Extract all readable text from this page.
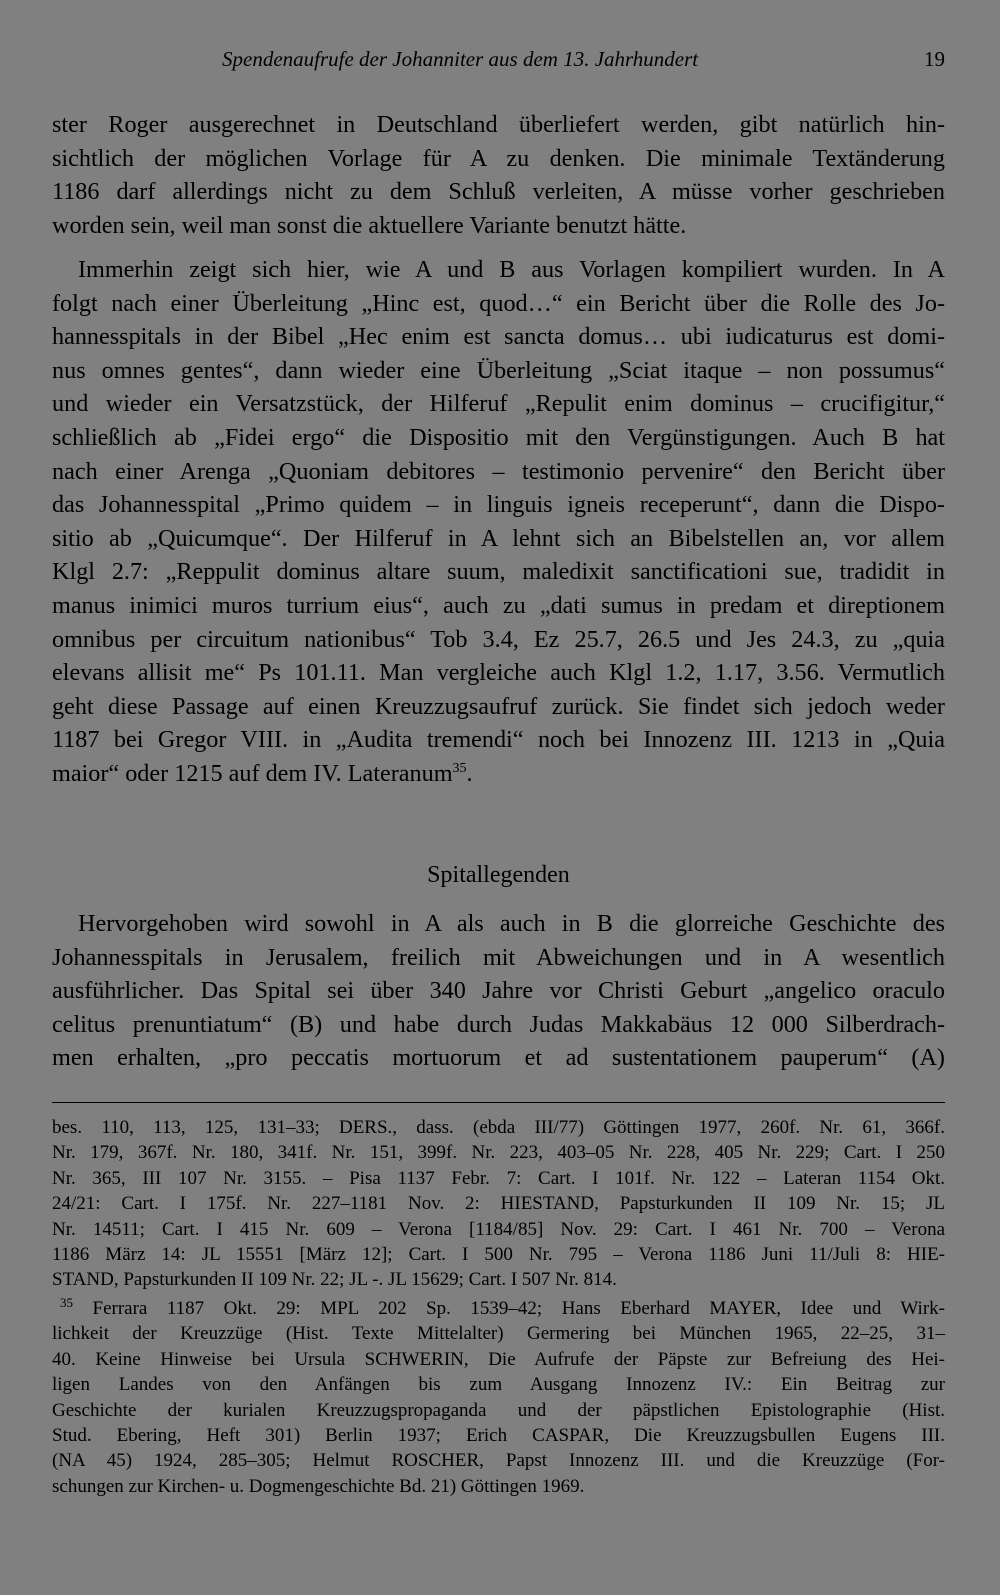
Spendenaufrufe der Johanniter aus dem 13. Jahrhundert	19
ster Roger ausgerechnet in Deutschland überliefert werden, gibt natürlich hin-
sichtlich der möglichen Vorlage für A zu denken. Die minimale Textänderung
1186 darf allerdings nicht zu dem Schluß verleiten, A müsse vorher geschrieben
worden sein, weil man sonst die aktuellere Variante benutzt hätte.
Immerhin zeigt sich hier, wie A und B aus Vorlagen kompiliert wurden. In A
folgt nach einer Überleitung „Hinc est, quod…“ ein Bericht über die Rolle des Jo-
hannesspitals in der Bibel „Hec enim est sancta domus… ubi iudicaturus est domi-
nus omnes gentes“, dann wieder eine Überleitung „Sciat itaque – non possumus“
und wieder ein Versatzstück, der Hilferuf „Repulit enim dominus – crucifigitur,“
schließlich ab „Fidei ergo“ die Dispositio mit den Vergünstigungen. Auch B hat
nach einer Arenga „Quoniam debitores – testimonio pervenire“ den Bericht über
das Johannesspital „Primo quidem – in linguis igneis receperunt“, dann die Dispo-
sitio ab „Quicumque“. Der Hilferuf in A lehnt sich an Bibelstellen an, vor allem
Klgl 2.7: „Reppulit dominus altare suum, maledixit sanctificationi sue, tradidit in
manus inimici muros turrium eius“, auch zu „dati sumus in predam et direptionem
omnibus per circuitum nationibus“ Tob 3.4, Ez 25.7, 26.5 und Jes 24.3, zu „quia
elevans allisit me“ Ps 101.11. Man vergleiche auch Klgl 1.2, 1.17, 3.56. Vermutlich
geht diese Passage auf einen Kreuzzugsaufruf zurück. Sie findet sich jedoch weder
1187 bei Gregor VIII. in „Audita tremendi“ noch bei Innozenz III. 1213 in „Quia
maior“ oder 1215 auf dem IV. Lateranum$^{35}$.
Spitallegenden
Hervorgehoben wird sowohl in A als auch in B die glorreiche Geschichte des
Johannesspitals in Jerusalem, freilich mit Abweichungen und in A wesentlich
ausführlicher. Das Spital sei über 340 Jahre vor Christi Geburt „angelico oraculo
celitus prenuntiatum“ (B) und habe durch Judas Makkabäus 12 000 Silberdrach-
men erhalten, „pro peccatis mortuorum et ad sustentationem pauperum“ (A)
bes. 110, 113, 125, 131–33; DERS., dass. (ebda III/77) Göttingen 1977, 260f. Nr. 61, 366f.
Nr. 179, 367f. Nr. 180, 341f. Nr. 151, 399f. Nr. 223, 403–05 Nr. 228, 405 Nr. 229; Cart. I 250
Nr. 365, III 107 Nr. 3155. – Pisa 1137 Febr. 7: Cart. I 101f. Nr. 122 – Lateran 1154 Okt.
24/21: Cart. I 175f. Nr. 227–1181 Nov. 2: HIESTAND, Papsturkunden II 109 Nr. 15; JL
Nr. 14511; Cart. I 415 Nr. 609 – Verona [1184/85] Nov. 29: Cart. I 461 Nr. 700 – Verona
1186 März 14: JL 15551 [März 12]; Cart. I 500 Nr. 795 – Verona 1186 Juni 11/Juli 8: HIE-
STAND, Papsturkunden II 109 Nr. 22; JL -. JL 15629; Cart. I 507 Nr. 814.
$^{35}$ Ferrara 1187 Okt. 29: MPL 202 Sp. 1539–42; Hans Eberhard MAYER, Idee und Wirk-
lichkeit der Kreuzzüge (Hist. Texte Mittelalter) Germering bei München 1965, 22–25, 31–
40. Keine Hinweise bei Ursula SCHWERIN, Die Aufrufe der Päpste zur Befreiung des Hei-
ligen Landes von den Anfängen bis zum Ausgang Innozenz IV.: Ein Beitrag zur
Geschichte der kurialen Kreuzzugspropaganda und der päpstlichen Epistolographie (Hist.
Stud. Ebering, Heft 301) Berlin 1937; Erich CASPAR, Die Kreuzzugsbullen Eugens III.
(NA 45) 1924, 285–305; Helmut ROSCHER, Papst Innozenz III. und die Kreuzzüge (For-
schungen zur Kirchen- u. Dogmengeschichte Bd. 21) Göttingen 1969.
